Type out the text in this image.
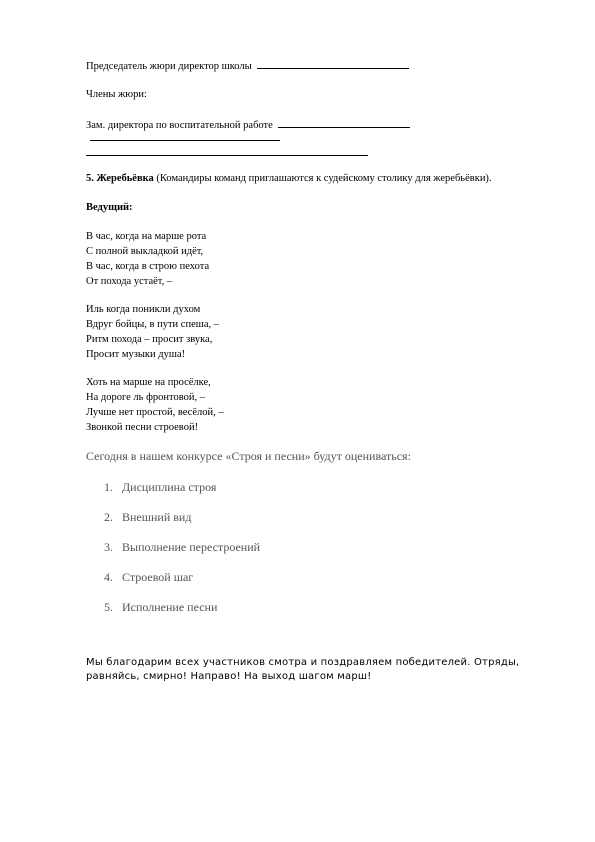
Председатель жюри директор школы
Члены жюри:
Зам. директора по воспитательной работе
5. Жеребьёвка (Командиры команд приглашаются к судейскому столику для жеребьёвки).
Ведущий:
В час, когда на марше рота
С полной выкладкой идёт,
В час, когда в строю пехота
От похода устаёт, –
Иль когда поникли духом
Вдруг бойцы, в пути спеша, –
Ритм похода – просит звука,
Просит музыки душа!
Хоть на марше на просёлке,
На дороге ль фронтовой, –
Лучше нет простой, весёлой, –
Звонкой песни строевой!
Сегодня в нашем конкурсе «Строя и песни» будут оцениваться:
1. Дисциплина строя
2. Внешний вид
3. Выполнение перестроений
4. Строевой шаг
5. Исполнение песни
Мы благодарим всех участников смотра и поздравляем победителей. Отряды, равняйсь, смирно! Направо! На выход шагом марш!
